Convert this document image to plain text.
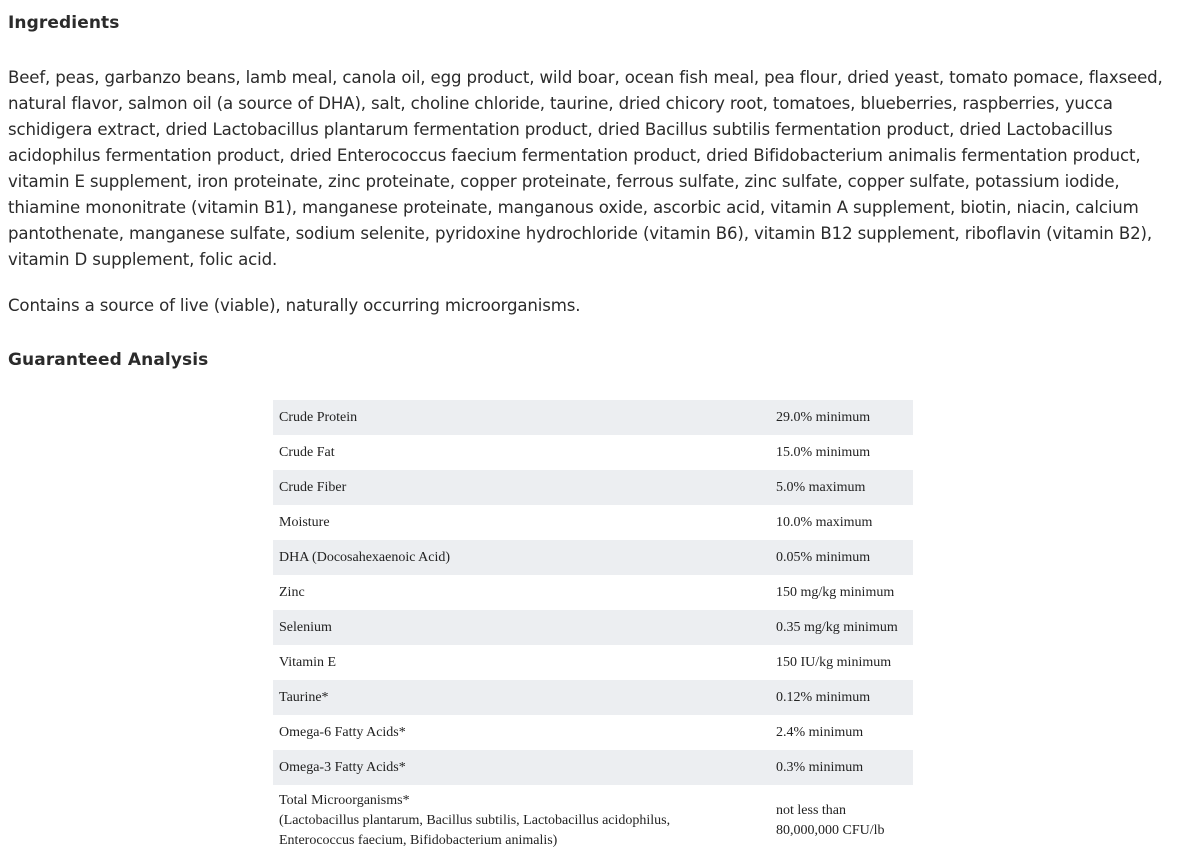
Ingredients

Beef, peas, garbanzo beans, lamb meal, canola oil, egg product, wild boar, ocean fish meal, pea flour, dried yeast, tomato pomace, flaxseed, natural flavor, salmon oil (a source of DHA), salt, choline chloride, taurine, dried chicory root, tomatoes, blueberries, raspberries, yucca schidigera extract, dried Lactobacillus plantarum fermentation product, dried Bacillus subtilis fermentation product, dried Lactobacillus acidophilus fermentation product, dried Enterococcus faecium fermentation product, dried Bifidobacterium animalis fermentation product, vitamin E supplement, iron proteinate, zinc proteinate, copper proteinate, ferrous sulfate, zinc sulfate, copper sulfate, potassium iodide, thiamine mononitrate (vitamin B1), manganese proteinate, manganous oxide, ascorbic acid, vitamin A supplement, biotin, niacin, calcium pantothenate, manganese sulfate, sodium selenite, pyridoxine hydrochloride (vitamin B6), vitamin B12 supplement, riboflavin (vitamin B2), vitamin D supplement, folic acid.

Contains a source of live (viable), naturally occurring microorganisms.

Guaranteed Analysis
Crude Protein	29.0% minimum
Crude Fat	15.0% minimum
Crude Fiber	5.0% maximum
Moisture	10.0% maximum
DHA (Docosahexaenoic Acid)	0.05% minimum
Zinc	150 mg/kg minimum
Selenium	0.35 mg/kg minimum
Vitamin E	150 IU/kg minimum
Taurine*	0.12% minimum
Omega-6 Fatty Acids*	2.4% minimum
Omega-3 Fatty Acids*	0.3% minimum

Total Microorganisms*
(Lactobacillus plantarum, Bacillus subtilis, Lactobacillus acidophilus,
Enterococcus faecium, Bifidobacterium animalis)	not less than
80,000,000 CFU/lb
